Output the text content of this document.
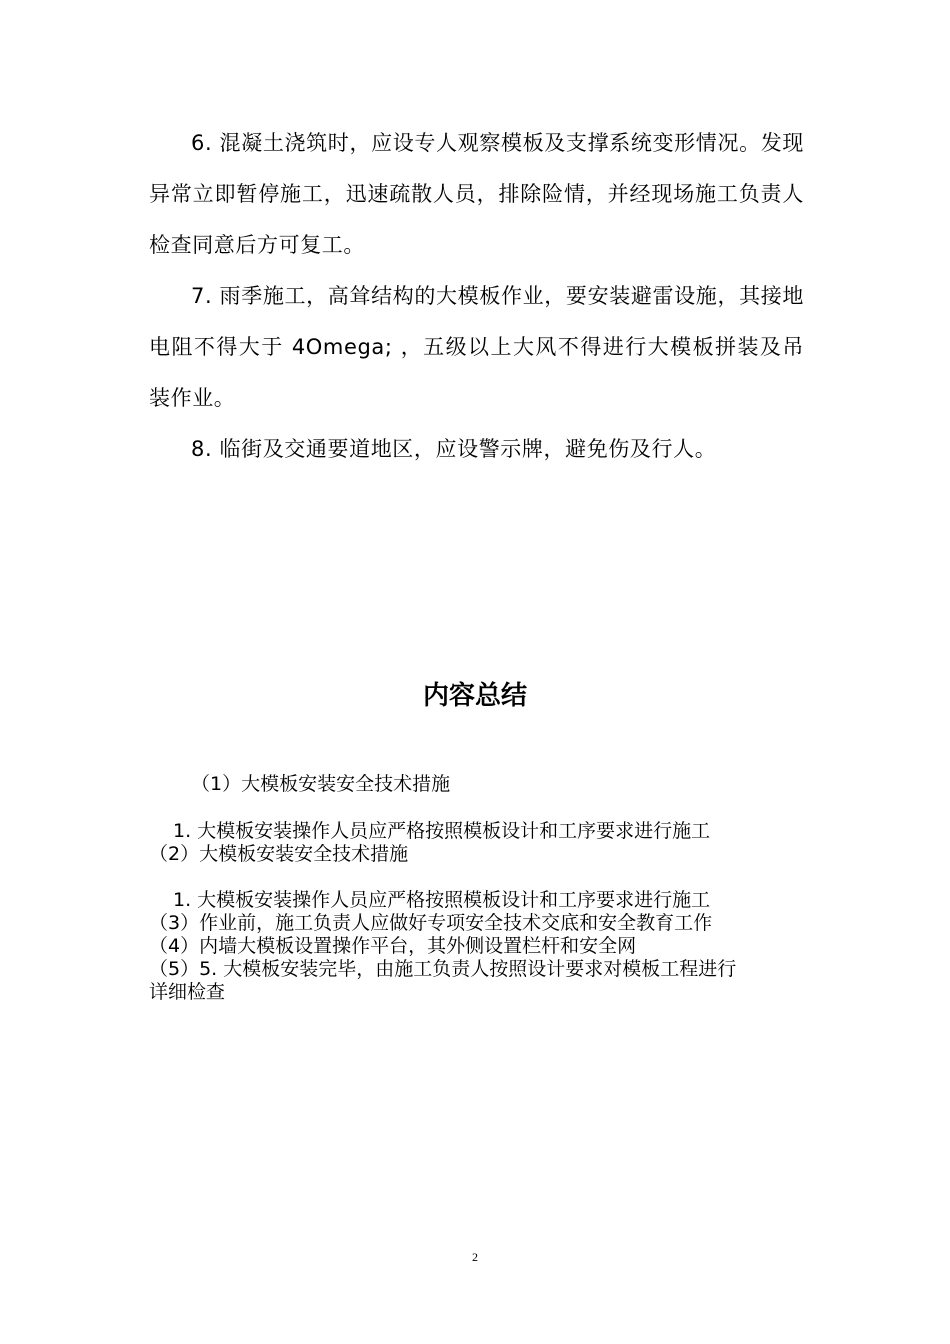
6. 混凝土浇筑时，应设专人观察模板及支撑系统变形情况。发现异常立即暂停施工，迅速疏散人员，排除险情，并经现场施工负责人检查同意后方可复工。

7. 雨季施工，高耸结构的大模板作业，要安装避雷设施，其接地电阻不得大于 4Omega; ，五级以上大风不得进行大模板拼装及吊装作业。

8. 临街及交通要道地区，应设警示牌，避免伤及行人。

内容总结

（1）大模板安装安全技术措施

1. 大模板安装操作人员应严格按照模板设计和工序要求进行施工

（2）大模板安装安全技术措施

1. 大模板安装操作人员应严格按照模板设计和工序要求进行施工

（3）作业前，施工负责人应做好专项安全技术交底和安全教育工作

（4）内墙大模板设置操作平台，其外侧设置栏杆和安全网

（5）5. 大模板安装完毕，由施工负责人按照设计要求对模板工程进行

详细检查

2
